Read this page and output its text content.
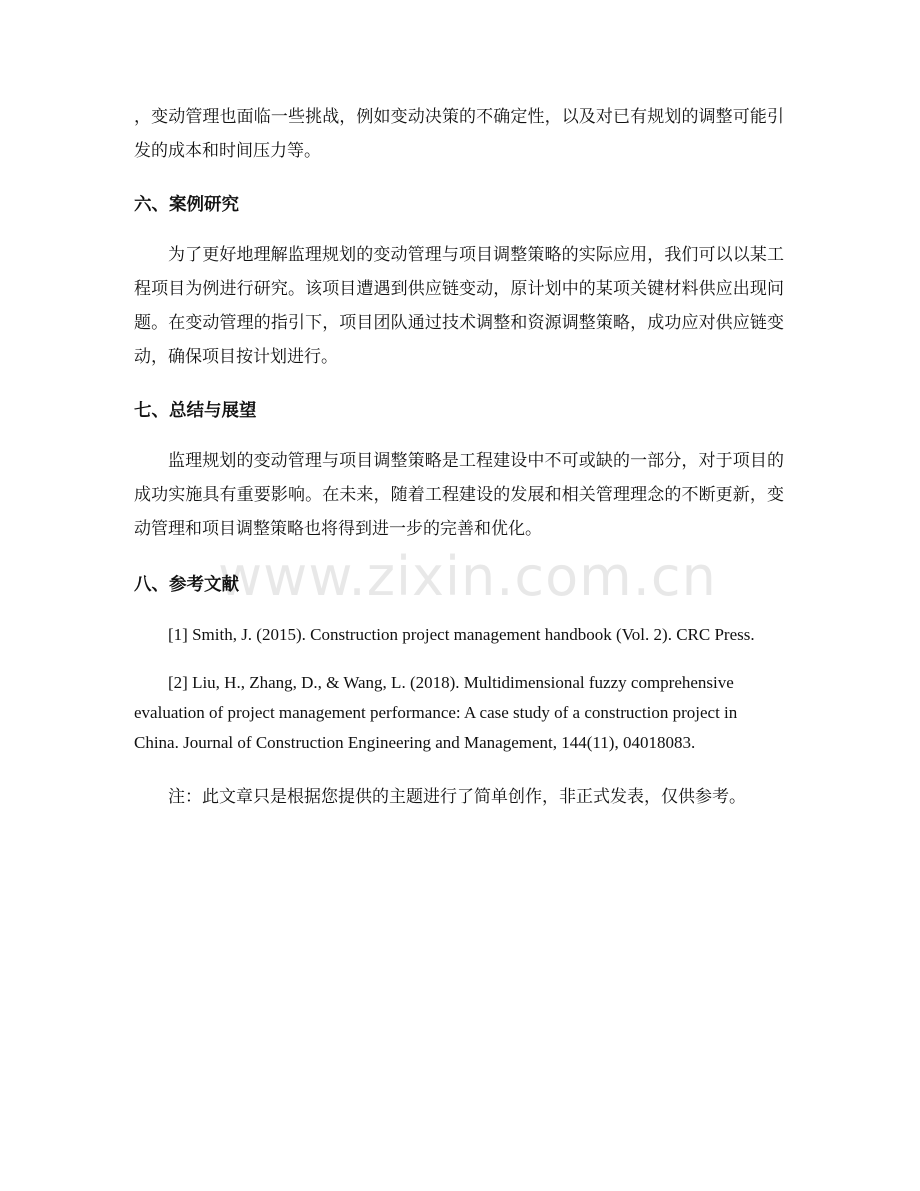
，变动管理也面临一些挑战，例如变动决策的不确定性，以及对已有规划的调整可能引发的成本和时间压力等。

六、案例研究

为了更好地理解监理规划的变动管理与项目调整策略的实际应用，我们可以以某工程项目为例进行研究。该项目遭遇到供应链变动，原计划中的某项关键材料供应出现问题。在变动管理的指引下，项目团队通过技术调整和资源调整策略，成功应对供应链变动，确保项目按计划进行。

七、总结与展望

监理规划的变动管理与项目调整策略是工程建设中不可或缺的一部分，对于项目的成功实施具有重要影响。在未来，随着工程建设的发展和相关管理理念的不断更新，变动管理和项目调整策略也将得到进一步的完善和优化。

八、参考文献

[1] Smith, J. (2015). Construction project management handbook (Vol. 2). CRC Press.

[2] Liu, H., Zhang, D., & Wang, L. (2018). Multidimensional fuzzy comprehensive evaluation of project management performance: A case study of a construction project in China. Journal of Construction Engineering and Management, 144(11), 04018083.

注：此文章只是根据您提供的主题进行了简单创作，非正式发表，仅供参考。

www.zixin.com.cn
